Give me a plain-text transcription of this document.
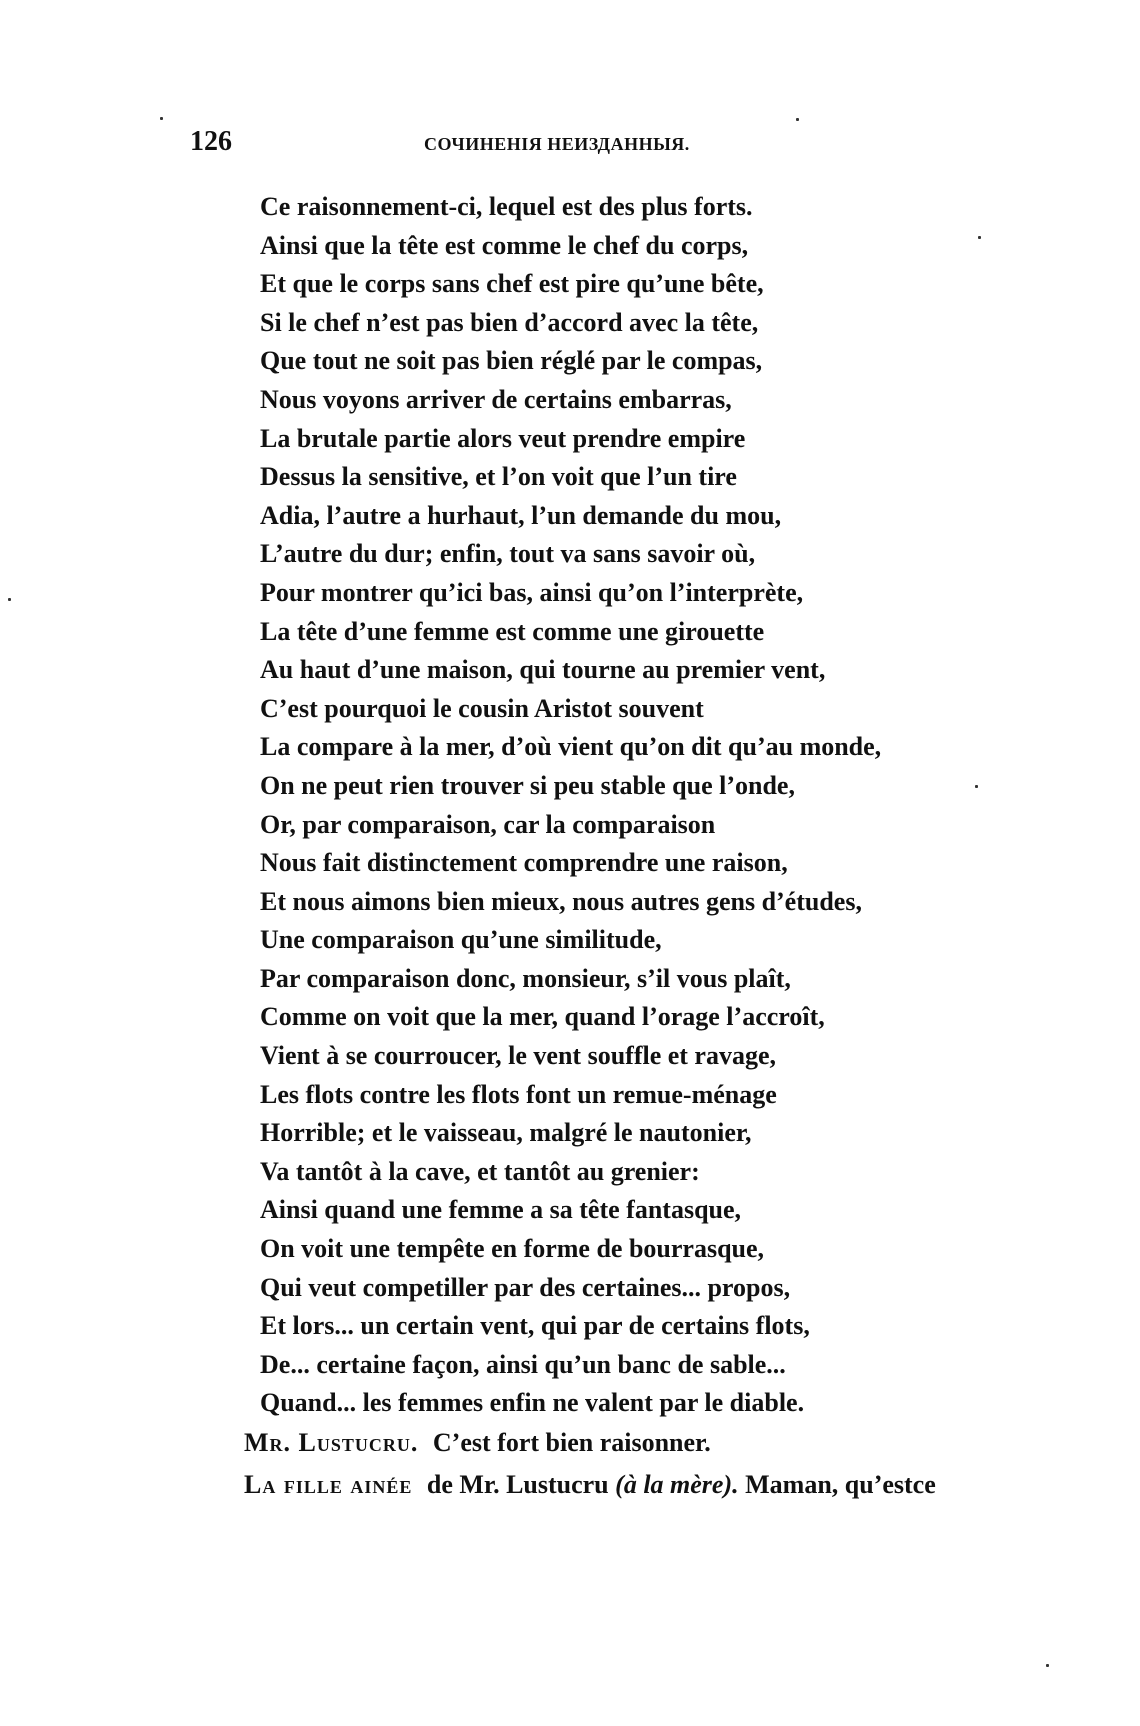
126	СОЧИНЕНІЯ НЕИЗДАННЫЯ.
Ce raisonnement-ci, lequel est des plus forts.
Ainsi que la tête est comme le chef du corps,
Et que le corps sans chef est pire qu’une bête,
Si le chef n’est pas bien d’accord avec la tête,
Que tout ne soit pas bien réglé par le compas,
Nous voyons arriver de certains embarras,
La brutale partie alors veut prendre empire
Dessus la sensitive, et l’on voit que l’un tire
Adia, l’autre a hurhaut, l’un demande du mou,
L’autre du dur; enfin, tout va sans savoir où,
Pour montrer qu’ici bas, ainsi qu’on l’interprète,
La tête d’une femme est comme une girouette
Au haut d’une maison, qui tourne au premier vent,
C’est pourquoi le cousin Aristot souvent
La compare à la mer, d’où vient qu’on dit qu’au monde,
On ne peut rien trouver si peu stable que l’onde,
Or, par comparaison, car la comparaison
Nous fait distinctement comprendre une raison,
Et nous aimons bien mieux, nous autres gens d’études,
Une comparaison qu’une similitude,
Par comparaison donc, monsieur, s’il vous plaît,
Comme on voit que la mer, quand l’orage l’accroît,
Vient à se courroucer, le vent souffle et ravage,
Les flots contre les flots font un remue-ménage
Horrible; et le vaisseau, malgré le nautonier,
Va tantôt à la cave, et tantôt au grenier:
Ainsi quand une femme a sa tête fantasque,
On voit une tempête en forme de bourrasque,
Qui veut competiller par des certaines... propos,
Et lors... un certain vent, qui par de certains flots,
De... certaine façon, ainsi qu’un banc de sable...
Quand... les femmes enfin ne valent par le diable.
Mr. Lustucru. C’est fort bien raisonner.
La fille ainée de Mr. Lustucru (à la mère). Maman, qu’estce
